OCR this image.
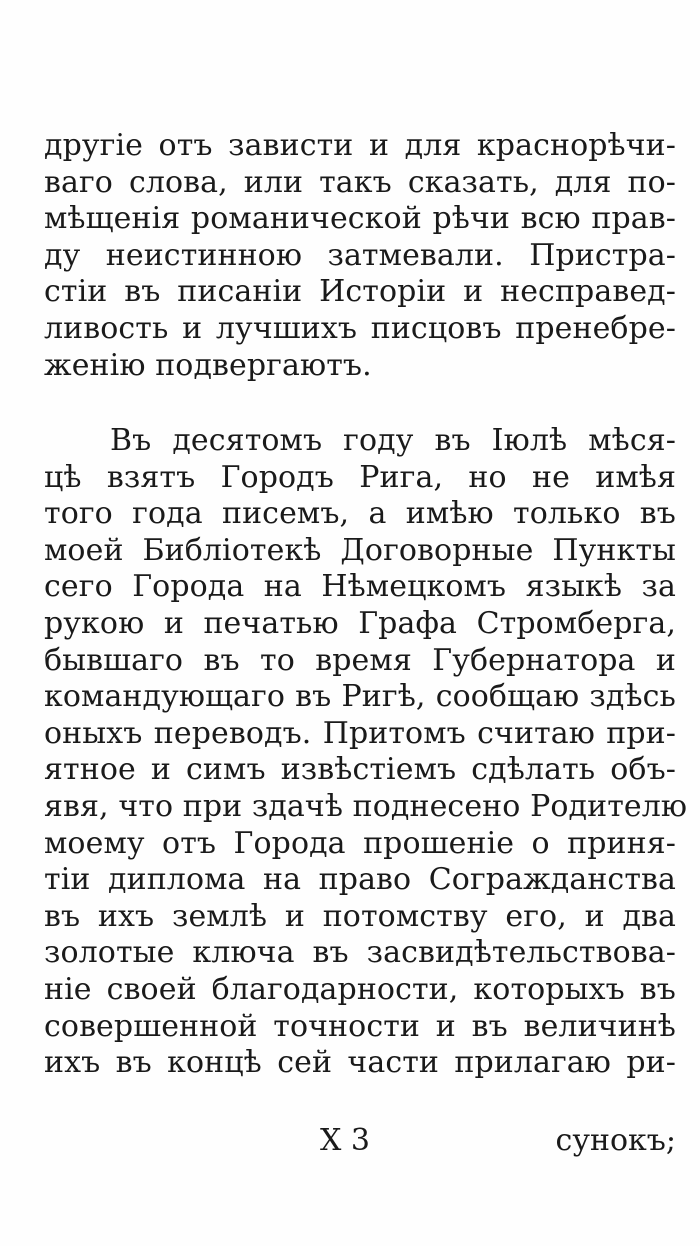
другіе отъ зависти и для краснорѣчи-
ваго слова, или такъ сказать, для по-
мѣщенія романической рѣчи всю прав-
ду неистинною затмевали. Пристра-
стіи въ писаніи Исторіи и несправед-
ливость и лучшихъ писцовъ пренебре-
женію подвергаютъ.
Въ десятомъ году въ Іюлѣ мѣся-
цѣ взятъ Городъ Рига, но не имѣя
того года писемъ, а имѣю только въ
моей Библіотекѣ Договорные Пункты
сего Города на Нѣмецкомъ языкѣ за
рукою и печатью Графа Стромберга,
бывшаго въ то время Губернатора и
командующаго въ Ригѣ, сообщаю здѣсь
оныхъ переводъ. Притомъ считаю при-
ятное и симъ извѣстіемъ сдѣлать объ-
явя, что при здачѣ поднесено Родителю
моему отъ Города прошеніе о приня-
тіи диплома на право Согражданства
въ ихъ землѣ и потомству его, и два
золотые ключа въ засвидѣтельствова-
ніе своей благодарности, которыхъ въ
совершенной точности и въ величинѣ
ихъ въ концѣ сей части прилагаю ри-
Х 3	сунокъ;
